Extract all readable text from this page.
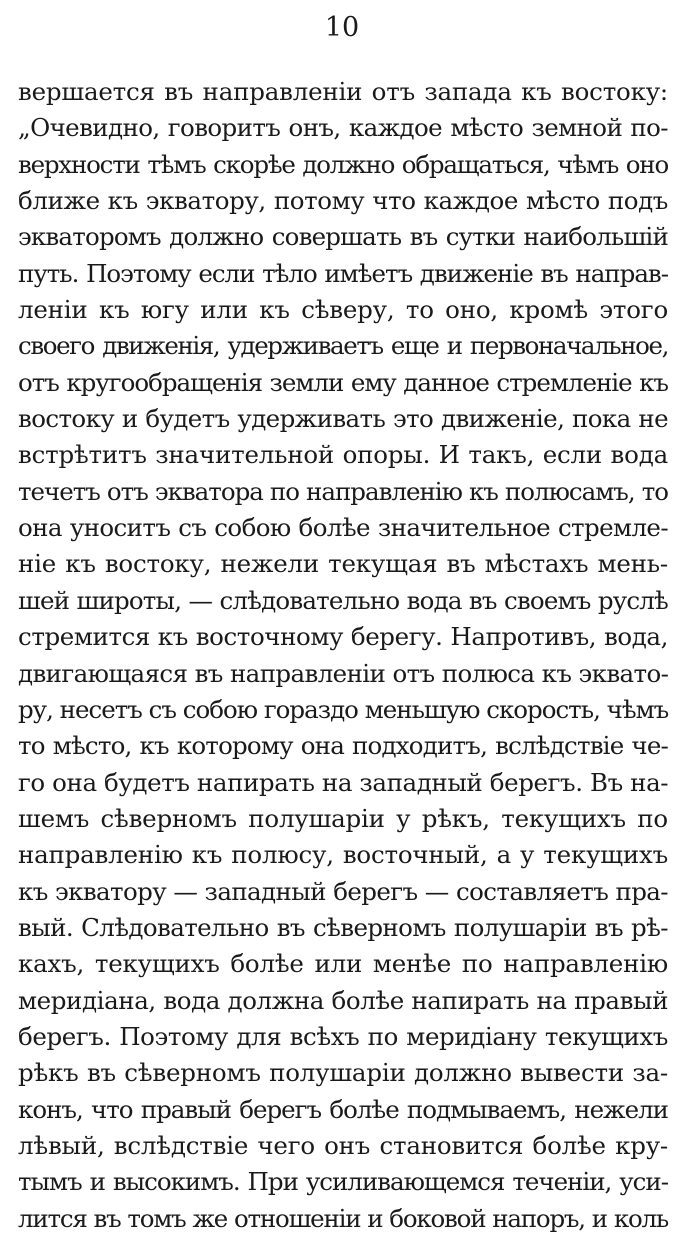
10
вершается въ направленіи отъ запада къ востоку:
„Очевидно, говоритъ онъ, каждое мѣсто земной по-
верхности тѣмъ скорѣе должно обращаться, чѣмъ оно
ближе къ экватору, потому что каждое мѣсто подъ
экваторомъ должно совершать въ сутки наибольшій
путь. Поэтому если тѣло имѣетъ движеніе въ направ-
леніи къ югу или къ сѣверу, то оно, кромѣ этого
своего движенія, удерживаетъ еще и первоначальное,
отъ кругообращенія земли ему данное стремленіе къ
востоку и будетъ удерживать это движеніе, пока не
встрѣтитъ значительной опоры. И такъ, если вода
течетъ отъ экватора по направленію къ полюсамъ, то
она уноситъ съ собою болѣе значительное стремле-
ніе къ востоку, нежели текущая въ мѣстахъ мень-
шей широты, — слѣдовательно вода въ своемъ руслѣ
стремится къ восточному берегу. Напротивъ, вода,
двигающаяся въ направленіи отъ полюса къ эквато-
ру, несетъ съ собою гораздо меньшую скорость, чѣмъ
то мѣсто, къ которому она подходитъ, вслѣдствіе че-
го она будетъ напирать на западный берегъ. Въ на-
шемъ сѣверномъ полушаріи у рѣкъ, текущихъ по
направленію къ полюсу, восточный, а у текущихъ
къ экватору — западный берегъ — составляетъ пра-
вый. Слѣдовательно въ сѣверномъ полушаріи въ рѣ-
кахъ, текущихъ болѣе или менѣе по направленію
меридіана, вода должна болѣе напирать на правый
берегъ. Поэтому для всѣхъ по меридіану текущихъ
рѣкъ въ сѣверномъ полушаріи должно вывести за-
конъ, что правый берегъ болѣе подмываемъ, нежели
лѣвый, вслѣдствіе чего онъ становится болѣе кру-
тымъ и высокимъ. При усиливающемся теченіи, уси-
лится въ томъ же отношеніи и боковой напоръ, и коль
